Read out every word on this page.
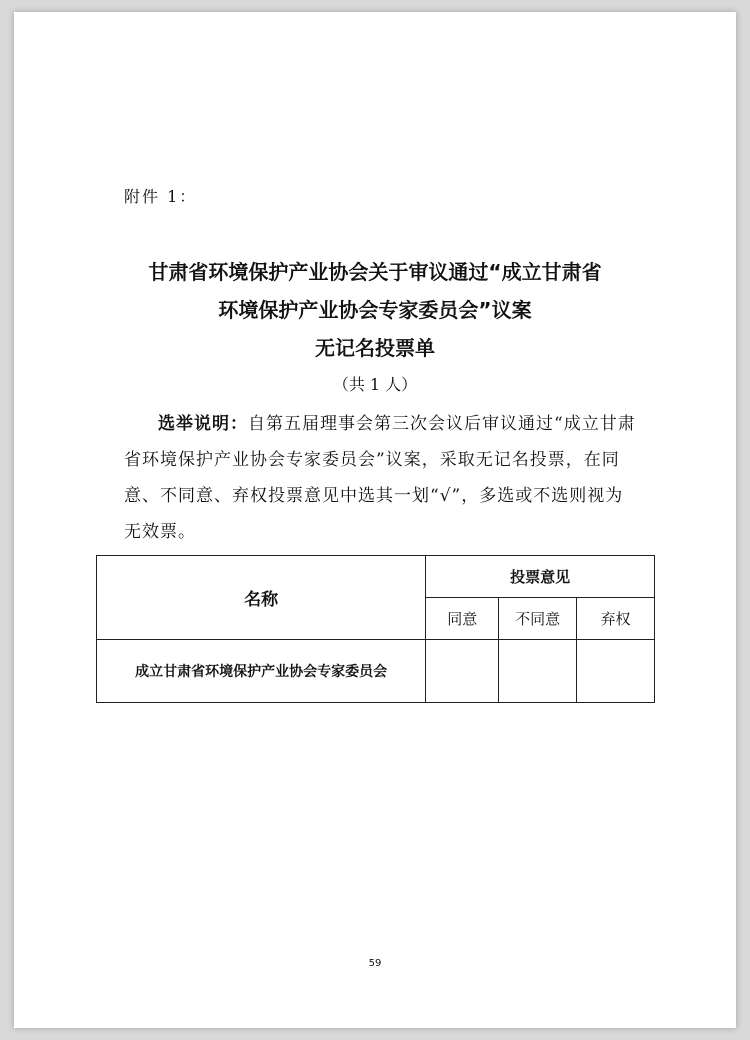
附件 1：
甘肃省环境保护产业协会关于审议通过“成立甘肃省
环境保护产业协会专家委员会”议案
无记名投票单
（共 1 人）
选举说明：自第五届理事会第三次会议后审议通过“成立甘肃省环境保护产业协会专家委员会”议案，采取无记名投票，在同意、不同意、弃权投票意见中选其一划“√”，多选或不选则视为无效票。
名称	投票意见		
	同意	不同意	弃权
成立甘肃省环境保护产业协会专家委员会			
59
